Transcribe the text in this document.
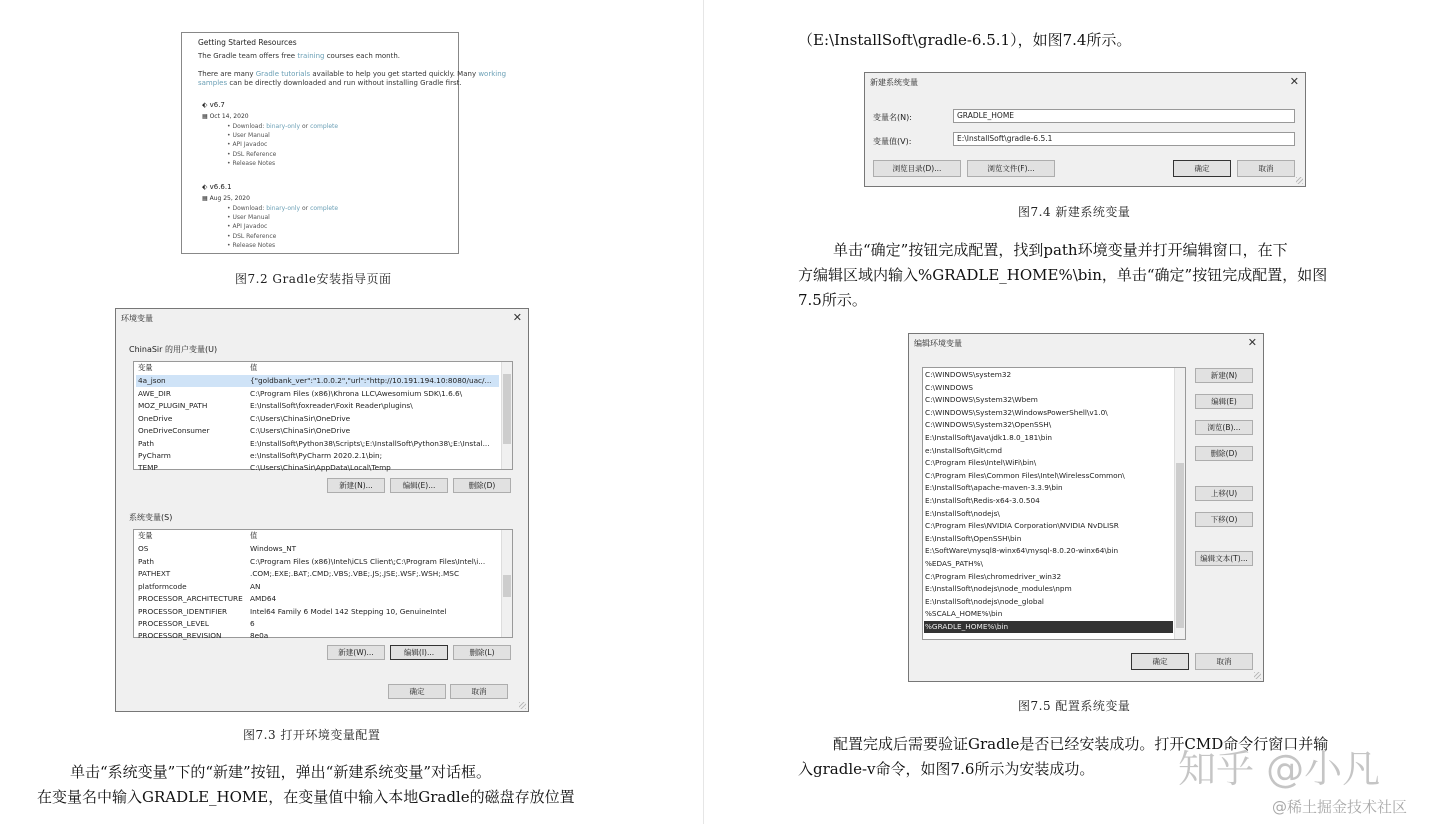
Getting Started Resources
The Gradle team offers free training courses each month.
There are many Gradle tutorials available to help you get started quickly. Many working
samples can be directly downloaded and run without installing Gradle first.
⬖ v6.7
▦ Oct 14, 2020
• Download: binary-only or complete
• User Manual
• API Javadoc
• DSL Reference
• Release Notes
⬖ v6.6.1
▦ Aug 25, 2020
• Download: binary-only or complete
• User Manual
• API Javadoc
• DSL Reference
• Release Notes
图7.2 Gradle安装指导页面
环境变量	✕
ChinaSir 的用户变量(U)
变量	值
4a_json	{"goldbank_ver":"1.0.0.2","url":"http://10.191.194.10:8080/uac/...
AWE_DIR	C:\Program Files (x86)\Khrona LLC\Awesomium SDK\1.6.6\
MOZ_PLUGIN_PATH	E:\InstallSoft\foxreader\Foxit Reader\plugins\
OneDrive	C:\Users\ChinaSir\OneDrive
OneDriveConsumer	C:\Users\ChinaSir\OneDrive
Path	E:\InstallSoft\Python38\Scripts\;E:\InstallSoft\Python38\;E:\Instal...
PyCharm	e:\InstallSoft\PyCharm 2020.2.1\bin;
TEMP	C:\Users\ChinaSir\AppData\Local\Temp
新建(N)...	编辑(E)...	删除(D)
系统变量(S)
变量	值
OS	Windows_NT
Path	C:\Program Files (x86)\Intel\iCLS Client\;C:\Program Files\Intel\i...
PATHEXT	.COM;.EXE;.BAT;.CMD;.VBS;.VBE;.JS;.JSE;.WSF;.WSH;.MSC
platformcode	AN
PROCESSOR_ARCHITECTURE AMD64
PROCESSOR_IDENTIFIER	Intel64 Family 6 Model 142 Stepping 10, GenuineIntel
PROCESSOR_LEVEL	6
PROCESSOR_REVISION	8e0a
新建(W)...	编辑(I)...	删除(L)
确定	取消
图7.3 打开环境变量配置
单击“系统变量”下的“新建”按钮，弹出“新建系统变量”对话框。
在变量名中输入GRADLE_HOME，在变量值中输入本地Gradle的磁盘存放位置
（E:\InstallSoft\gradle-6.5.1），如图7.4所示。
新建系统变量	✕
变量名(N):	GRADLE_HOME
变量值(V):	E:\InstallSoft\gradle-6.5.1
浏览目录(D)...	浏览文件(F)...	确定	取消
图7.4 新建系统变量
单击“确定”按钮完成配置，找到path环境变量并打开编辑窗口，在下
方编辑区域内输入%GRADLE_HOME%\bin，单击“确定”按钮完成配置，如图
7.5所示。
编辑环境变量	✕
C:\WINDOWS\system32
C:\WINDOWS
C:\WINDOWS\System32\Wbem
C:\WINDOWS\System32\WindowsPowerShell\v1.0\
C:\WINDOWS\System32\OpenSSH\
E:\InstallSoft\Java\jdk1.8.0_181\bin
e:\InstallSoft\Git\cmd
C:\Program Files\Intel\WiFi\bin\
C:\Program Files\Common Files\Intel\WirelessCommon\
E:\InstallSoft\apache-maven-3.3.9\bin
E:\InstallSoft\Redis-x64-3.0.504
E:\InstallSoft\nodejs\
C:\Program Files\NVIDIA Corporation\NVIDIA NvDLISR
E:\InstallSoft\OpenSSH\bin
E:\SoftWare\mysql8-winx64\mysql-8.0.20-winx64\bin
%EDAS_PATH%\
C:\Program Files\chromedriver_win32
E:\InstallSoft\nodejs\node_modules\npm
E:\InstallSoft\nodejs\node_global
%SCALA_HOME%\bin
%GRADLE_HOME%\bin
新建(N)
编辑(E)
浏览(B)...
删除(D)
上移(U)
下移(O)
编辑文本(T)...
确定	取消
图7.5 配置系统变量
配置完成后需要验证Gradle是否已经安装成功。打开CMD命令行窗口并输
入gradle-v命令，如图7.6所示为安装成功。 知乎 @小凡
@稀土掘金技术社区
